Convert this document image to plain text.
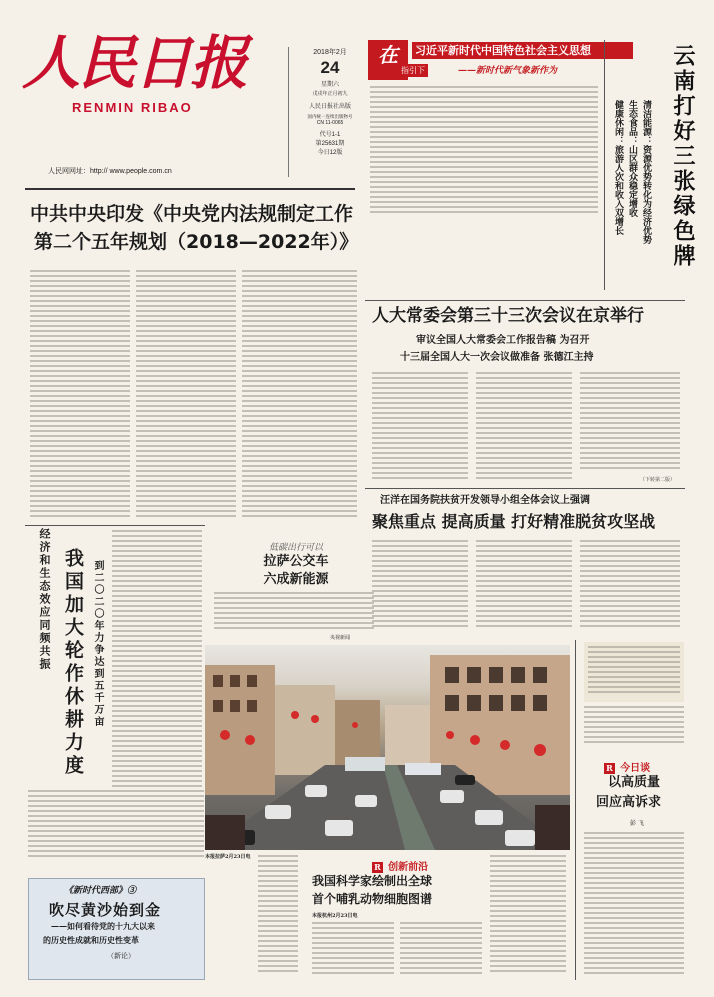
人民日报
RENMIN RIBAO
人民网网址：http:// www.people.com.cn
2018年2月
24
星期六
戊戌年正月初九
人民日报社出版
国内统一连续出版物号
CN 11-0065
代号1-1
第25631期
今日12版
在	习近平新时代中国特色社会主义思想
指引下	——新时代新气象新作为	云南打好三张绿色牌
清洁能源：资源优势转化为经济优势
生态食品：山区群众稳定增收
健康休闲：旅游人次和收入双增长
中共中央印发《中央党内法规制定工作
第二个五年规划（2018—2022年）》
人大常委会第三十三次会议在京举行
审议全国人大常委会工作报告稿 为召开
十三届全国人大一次会议做准备 张德江主持
（下转第二版）
汪洋在国务院扶贫开发领导小组全体会议上强调
聚焦重点 提高质量 打好精准脱贫攻坚战
低碳出行可以
拉萨公交车
六成新能源
央视新闻
经济和生态效应同频共振 我国加大轮作休耕力度 到二〇二〇年力争达到五千万亩
本报拉萨2月23日电
《新时代西部》③
吹尽黄沙始到金
——如何看待党的十九大以来
的历史性成就和历史性变革
（新论）
R 创新前沿
我国科学家绘制出全球
首个哺乳动物细胞图谱
本报杭州2月23日电
R 今日谈
以高质量
回应高诉求
彭 飞
